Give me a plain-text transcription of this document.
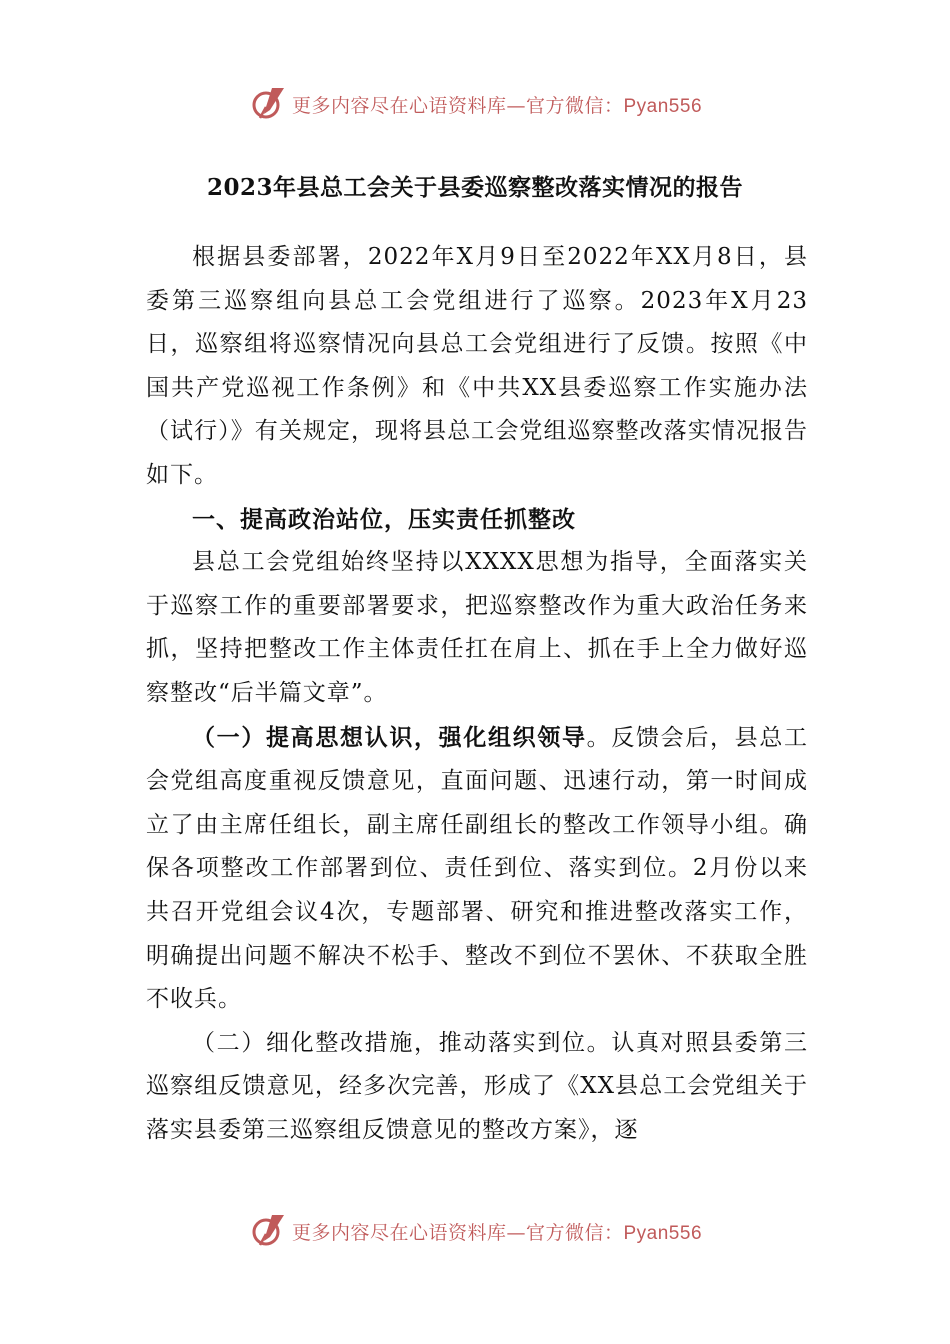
更多内容尽在心语资料库—官方微信：Pyan556
2023年县总工会关于县委巡察整改落实情况的报告

根据县委部署，2022年X月9日至2022年XX月8日，县委第三巡察组向县总工会党组进行了巡察。2023年X月23日，巡察组将巡察情况向县总工会党组进行了反馈。按照《中国共产党巡视工作条例》和《中共XX县委巡察工作实施办法（试行）》有关规定，现将县总工会党组巡察整改落实情况报告如下。

一、提高政治站位，压实责任抓整改

县总工会党组始终坚持以XXXX思想为指导，全面落实关于巡察工作的重要部署要求，把巡察整改作为重大政治任务来抓，坚持把整改工作主体责任扛在肩上、抓在手上全力做好巡察整改“后半篇文章”。

（一）提高思想认识，强化组织领导。反馈会后，县总工会党组高度重视反馈意见，直面问题、迅速行动，第一时间成立了由主席任组长，副主席任副组长的整改工作领导小组。确保各项整改工作部署到位、责任到位、落实到位。2月份以来共召开党组会议4次，专题部署、研究和推进整改落实工作，明确提出问题不解决不松手、整改不到位不罢休、不获取全胜不收兵。

（二）细化整改措施，推动落实到位。认真对照县委第三巡察组反馈意见，经多次完善，形成了《XX县总工会党组关于落实县委第三巡察组反馈意见的整改方案》，逐

更多内容尽在心语资料库—官方微信：Pyan556
